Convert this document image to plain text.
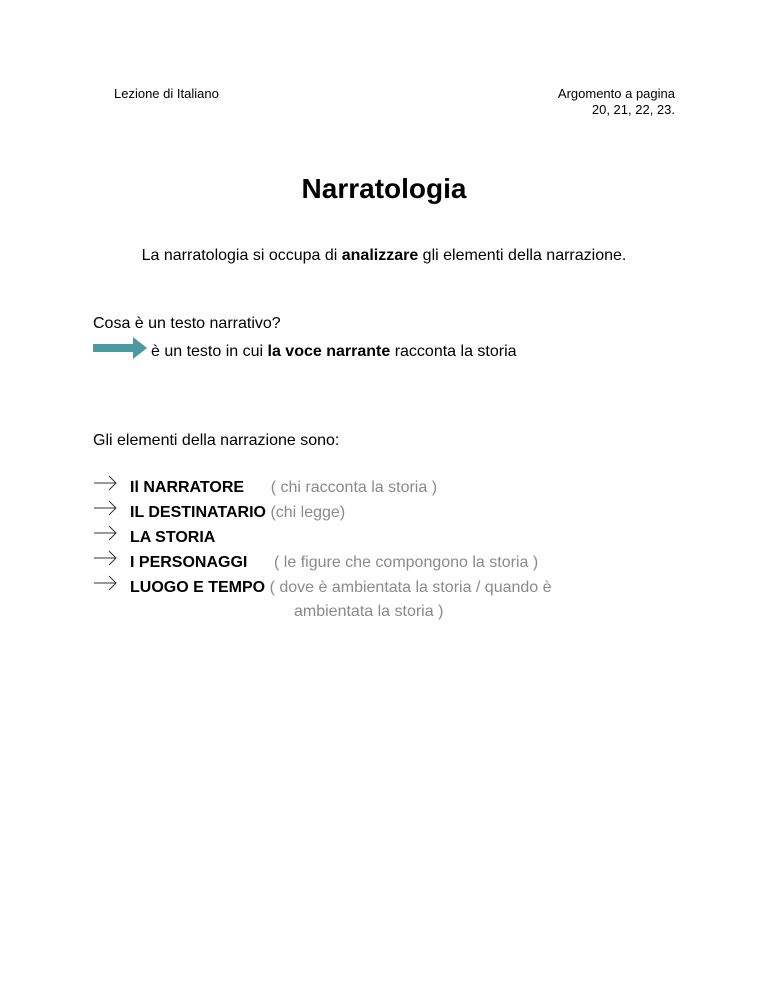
Lezione di Italiano	Argomento a pagina
20, 21, 22, 23.
Narratologia
La narratologia si occupa di analizzare gli elementi della narrazione.
Cosa è un testo narrativo?
è un testo in cui la voce narrante racconta la storia
Gli elementi della narrazione sono:
Il NARRATORE ( chi racconta la storia )
IL DESTINATARIO (chi legge)
LA STORIA
I PERSONAGGI ( le figure che compongono la storia )
LUOGO E TEMPO ( dove è ambientata la storia / quando è
ambientata la storia )
